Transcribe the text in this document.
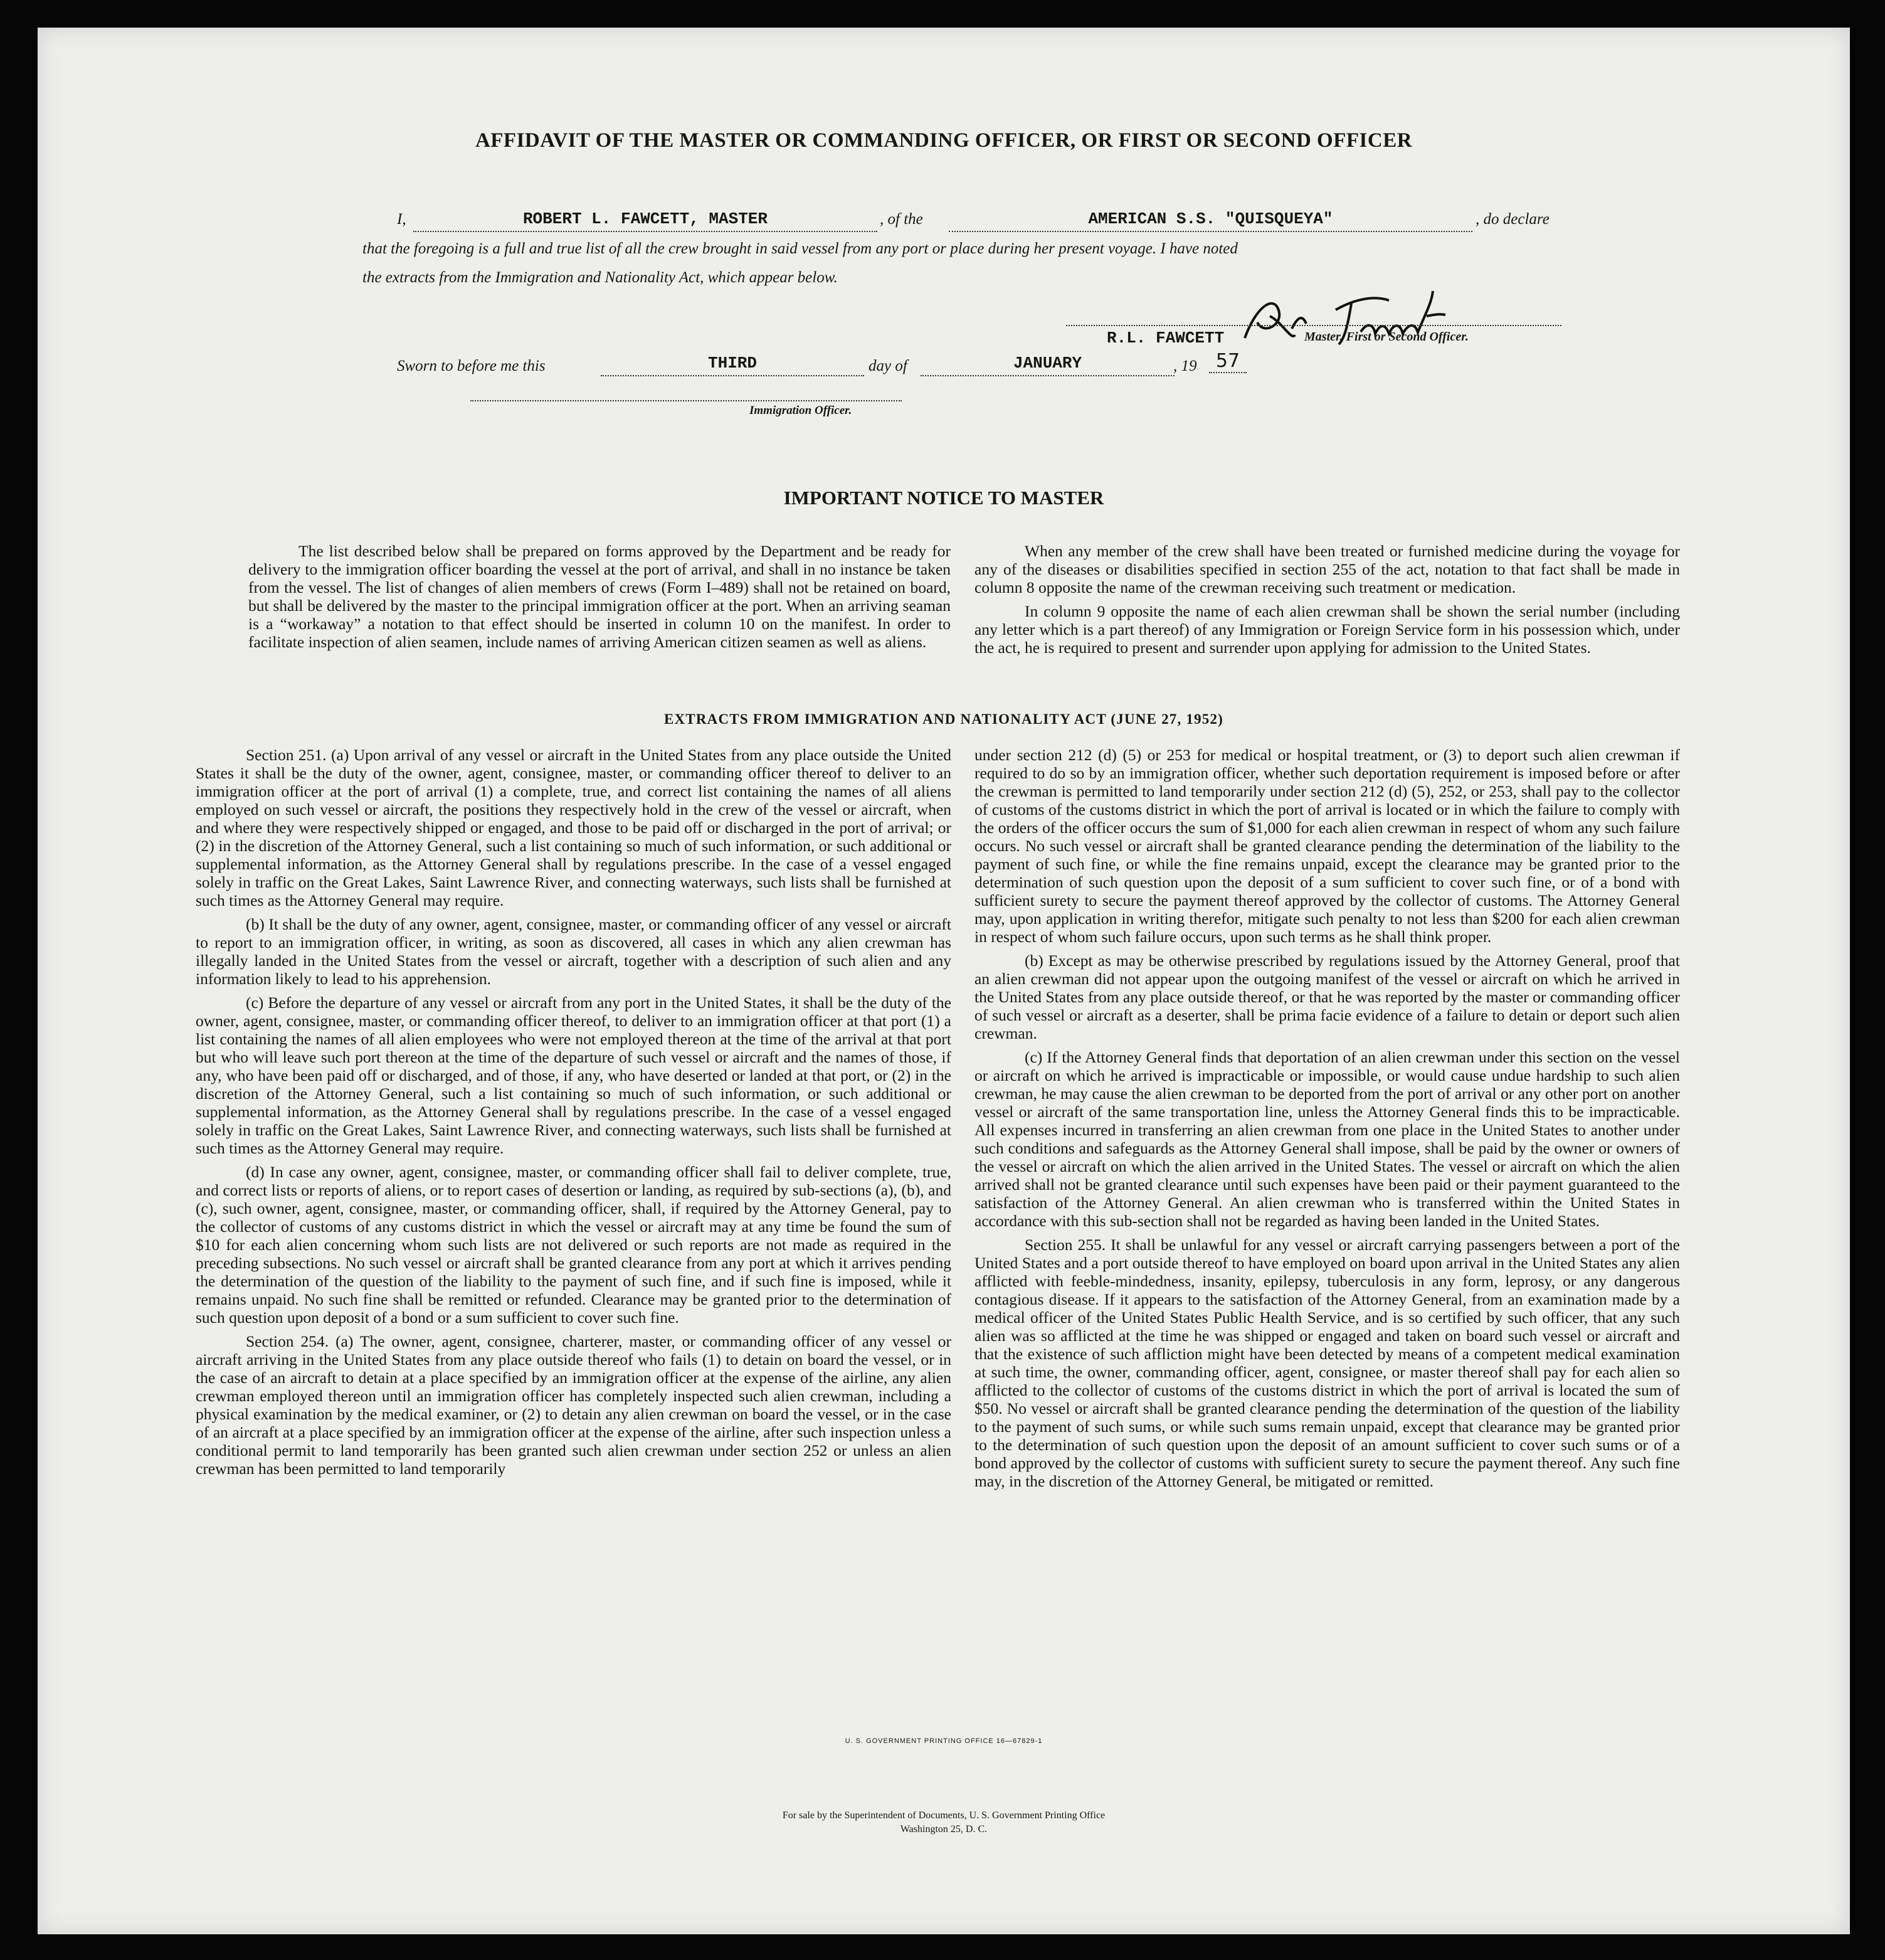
AFFIDAVIT OF THE MASTER OR COMMANDING OFFICER, OR FIRST OR SECOND OFFICER
I,	ROBERT L. FAWCETT, MASTER	, of the	AMERICAN S.S. "QUISQUEYA"	, do declare
that the foregoing is a full and true list of all the crew brought in said vessel from any port or place during her present voyage. I have noted
the extracts from the Immigration and Nationality Act, which appear below.
R.L. FAWCETT	Master, First or Second Officer.
Sworn to before me this	THIRD	day of	JANUARY	, 19	57
Immigration Officer.
IMPORTANT NOTICE TO MASTER

The list described below shall be prepared on forms approved by the Department and be ready for delivery to the immigration officer boarding the vessel at the port of arrival, and shall in no instance be taken from the vessel. The list of changes of alien members of crews (Form I–489) shall not be retained on board, but shall be delivered by the master to the principal immigration officer at the port. When an arriving seaman is a “workaway” a notation to that effect should be inserted in column 10 on the manifest. In order to facilitate inspection of alien seamen, include names of arriving American citizen seamen as well as aliens.

When any member of the crew shall have been treated or furnished medicine during the voyage for any of the diseases or disabilities specified in section 255 of the act, notation to that fact shall be made in column 8 opposite the name of the crewman receiving such treatment or medication.

In column 9 opposite the name of each alien crewman shall be shown the serial number (including any letter which is a part thereof) of any Immigration or Foreign Service form in his possession which, under the act, he is required to present and surrender upon applying for admission to the United States.

EXTRACTS FROM IMMIGRATION AND NATIONALITY ACT (JUNE 27, 1952)

Section 251. (a) Upon arrival of any vessel or aircraft in the United States from any place outside the United States it shall be the duty of the owner, agent, consignee, master, or commanding officer thereof to deliver to an immigration officer at the port of arrival (1) a complete, true, and correct list containing the names of all aliens employed on such vessel or aircraft, the positions they respectively hold in the crew of the vessel or aircraft, when and where they were respectively shipped or engaged, and those to be paid off or discharged in the port of arrival; or (2) in the discretion of the Attorney General, such a list containing so much of such information, or such additional or supplemental information, as the Attorney General shall by regulations prescribe. In the case of a vessel engaged solely in traffic on the Great Lakes, Saint Lawrence River, and connecting waterways, such lists shall be furnished at such times as the Attorney General may require.

(b) It shall be the duty of any owner, agent, consignee, master, or commanding officer of any vessel or aircraft to report to an immigration officer, in writing, as soon as discovered, all cases in which any alien crewman has illegally landed in the United States from the vessel or aircraft, together with a description of such alien and any information likely to lead to his apprehension.

(c) Before the departure of any vessel or aircraft from any port in the United States, it shall be the duty of the owner, agent, consignee, master, or commanding officer thereof, to deliver to an immigration officer at that port (1) a list containing the names of all alien employees who were not employed thereon at the time of the arrival at that port but who will leave such port thereon at the time of the departure of such vessel or aircraft and the names of those, if any, who have been paid off or discharged, and of those, if any, who have deserted or landed at that port, or (2) in the discretion of the Attorney General, such a list containing so much of such information, or such additional or supplemental information, as the Attorney General shall by regulations prescribe. In the case of a vessel engaged solely in traffic on the Great Lakes, Saint Lawrence River, and connecting waterways, such lists shall be furnished at such times as the Attorney General may require.

(d) In case any owner, agent, consignee, master, or commanding officer shall fail to deliver complete, true, and correct lists or reports of aliens, or to report cases of desertion or landing, as required by sub-sections (a), (b), and (c), such owner, agent, consignee, master, or commanding officer, shall, if required by the Attorney General, pay to the collector of customs of any customs district in which the vessel or aircraft may at any time be found the sum of $10 for each alien concerning whom such lists are not delivered or such reports are not made as required in the preceding subsections. No such vessel or aircraft shall be granted clearance from any port at which it arrives pending the determination of the question of the liability to the payment of such fine, and if such fine is imposed, while it remains unpaid. No such fine shall be remitted or refunded. Clearance may be granted prior to the determination of such question upon deposit of a bond or a sum sufficient to cover such fine.

Section 254. (a) The owner, agent, consignee, charterer, master, or commanding officer of any vessel or aircraft arriving in the United States from any place outside thereof who fails (1) to detain on board the vessel, or in the case of an aircraft to detain at a place specified by an immigration officer at the expense of the airline, any alien crewman employed thereon until an immigration officer has completely inspected such alien crewman, including a physical examination by the medical examiner, or (2) to detain any alien crewman on board the vessel, or in the case of an aircraft at a place specified by an immigration officer at the expense of the airline, after such inspection unless a conditional permit to land temporarily has been granted such alien crewman under section 252 or unless an alien crewman has been permitted to land temporarily

under section 212 (d) (5) or 253 for medical or hospital treatment, or (3) to deport such alien crewman if required to do so by an immigration officer, whether such deportation requirement is imposed before or after the crewman is permitted to land temporarily under section 212 (d) (5), 252, or 253, shall pay to the collector of customs of the customs district in which the port of arrival is located or in which the failure to comply with the orders of the officer occurs the sum of $1,000 for each alien crewman in respect of whom any such failure occurs. No such vessel or aircraft shall be granted clearance pending the determination of the liability to the payment of such fine, or while the fine remains unpaid, except the clearance may be granted prior to the determination of such question upon the deposit of a sum sufficient to cover such fine, or of a bond with sufficient surety to secure the payment thereof approved by the collector of customs. The Attorney General may, upon application in writing therefor, mitigate such penalty to not less than $200 for each alien crewman in respect of whom such failure occurs, upon such terms as he shall think proper.

(b) Except as may be otherwise prescribed by regulations issued by the Attorney General, proof that an alien crewman did not appear upon the outgoing manifest of the vessel or aircraft on which he arrived in the United States from any place outside thereof, or that he was reported by the master or commanding officer of such vessel or aircraft as a deserter, shall be prima facie evidence of a failure to detain or deport such alien crewman.

(c) If the Attorney General finds that deportation of an alien crewman under this section on the vessel or aircraft on which he arrived is impracticable or impossible, or would cause undue hardship to such alien crewman, he may cause the alien crewman to be deported from the port of arrival or any other port on another vessel or aircraft of the same transportation line, unless the Attorney General finds this to be impracticable. All expenses incurred in transferring an alien crewman from one place in the United States to another under such conditions and safeguards as the Attorney General shall impose, shall be paid by the owner or owners of the vessel or aircraft on which the alien arrived in the United States. The vessel or aircraft on which the alien arrived shall not be granted clearance until such expenses have been paid or their payment guaranteed to the satisfaction of the Attorney General. An alien crewman who is transferred within the United States in accordance with this sub-section shall not be regarded as having been landed in the United States.

Section 255. It shall be unlawful for any vessel or aircraft carrying passengers between a port of the United States and a port outside thereof to have employed on board upon arrival in the United States any alien afflicted with feeble-mindedness, insanity, epilepsy, tuberculosis in any form, leprosy, or any dangerous contagious disease. If it appears to the satisfaction of the Attorney General, from an examination made by a medical officer of the United States Public Health Service, and is so certified by such officer, that any such alien was so afflicted at the time he was shipped or engaged and taken on board such vessel or aircraft and that the existence of such affliction might have been detected by means of a competent medical examination at such time, the owner, commanding officer, agent, consignee, or master thereof shall pay for each alien so afflicted to the collector of customs of the customs district in which the port of arrival is located the sum of $50. No vessel or aircraft shall be granted clearance pending the determination of the question of the liability to the payment of such sums, or while such sums remain unpaid, except that clearance may be granted prior to the determination of such question upon the deposit of an amount sufficient to cover such sums or of a bond approved by the collector of customs with sufficient surety to secure the payment thereof. Any such fine may, in the discretion of the Attorney General, be mitigated or remitted.

U. S. GOVERNMENT PRINTING OFFICE 16—67829-1
For sale by the Superintendent of Documents, U. S. Government Printing Office
Washington 25, D. C.
